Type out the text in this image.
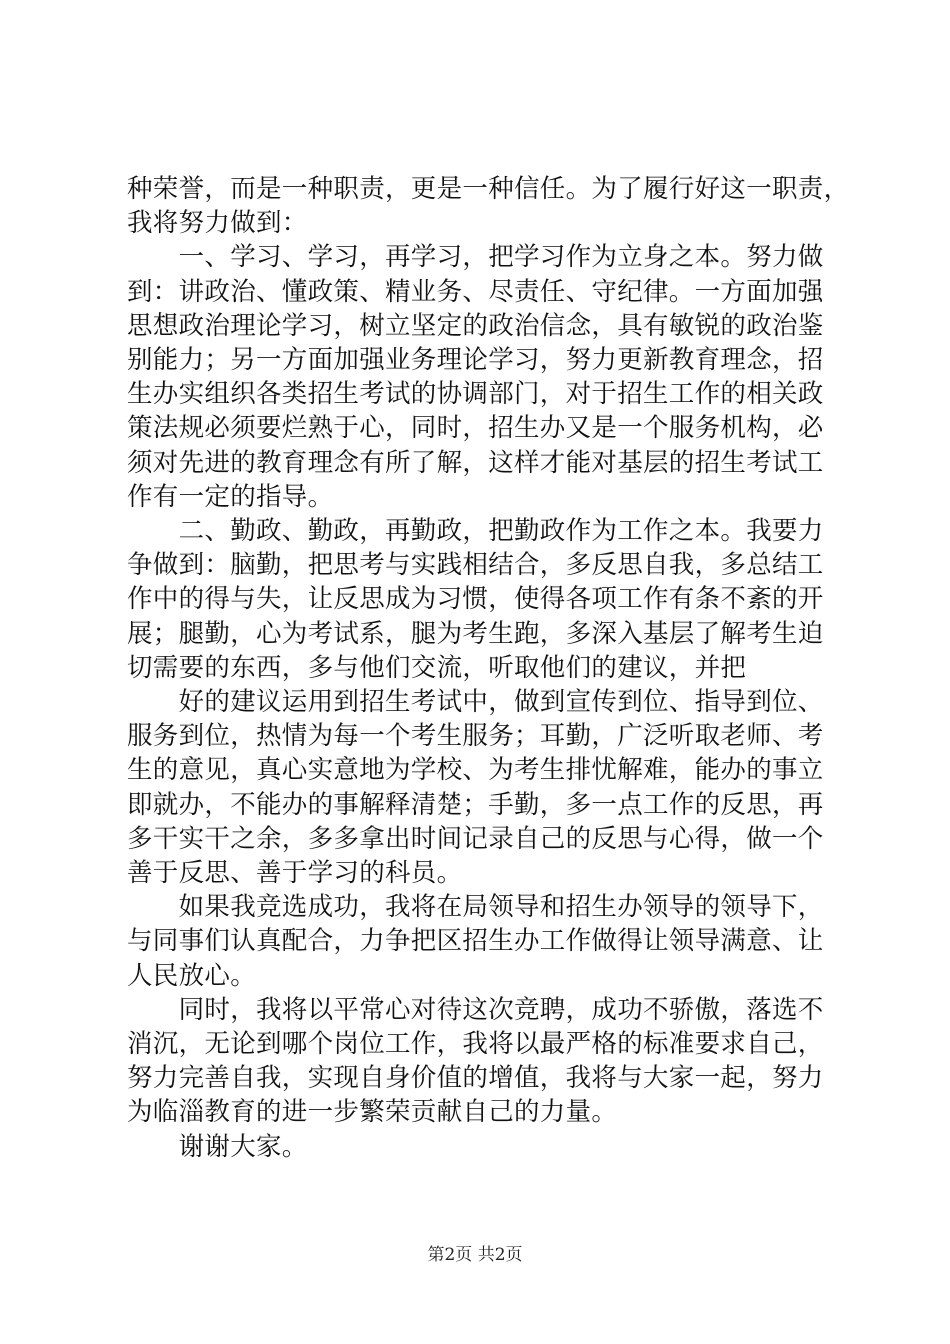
种荣誉，而是一种职责，更是一种信任。为了履行好这一职责，
我将努力做到：
　　一、学习、学习，再学习，把学习作为立身之本。努力做
到：讲政治、懂政策、精业务、尽责任、守纪律。一方面加强
思想政治理论学习，树立坚定的政治信念，具有敏锐的政治鉴
别能力；另一方面加强业务理论学习，努力更新教育理念，招
生办实组织各类招生考试的协调部门，对于招生工作的相关政
策法规必须要烂熟于心，同时，招生办又是一个服务机构，必
须对先进的教育理念有所了解，这样才能对基层的招生考试工
作有一定的指导。
　　二、勤政、勤政，再勤政，把勤政作为工作之本。我要力
争做到：脑勤，把思考与实践相结合，多反思自我，多总结工
作中的得与失，让反思成为习惯，使得各项工作有条不紊的开
展；腿勤，心为考试系，腿为考生跑，多深入基层了解考生迫
切需要的东西，多与他们交流，听取他们的建议，并把
　　好的建议运用到招生考试中，做到宣传到位、指导到位、
服务到位，热情为每一个考生服务；耳勤，广泛听取老师、考
生的意见，真心实意地为学校、为考生排忧解难，能办的事立
即就办，不能办的事解释清楚；手勤，多一点工作的反思，再
多干实干之余，多多拿出时间记录自己的反思与心得，做一个
善于反思、善于学习的科员。
　　如果我竞选成功，我将在局领导和招生办领导的领导下，
与同事们认真配合，力争把区招生办工作做得让领导满意、让
人民放心。
　　同时，我将以平常心对待这次竞聘，成功不骄傲，落选不
消沉，无论到哪个岗位工作，我将以最严格的标准要求自己，
努力完善自我，实现自身价值的增值，我将与大家一起，努力
为临淄教育的进一步繁荣贡献自己的力量。
　　谢谢大家。
第2页 共2页
